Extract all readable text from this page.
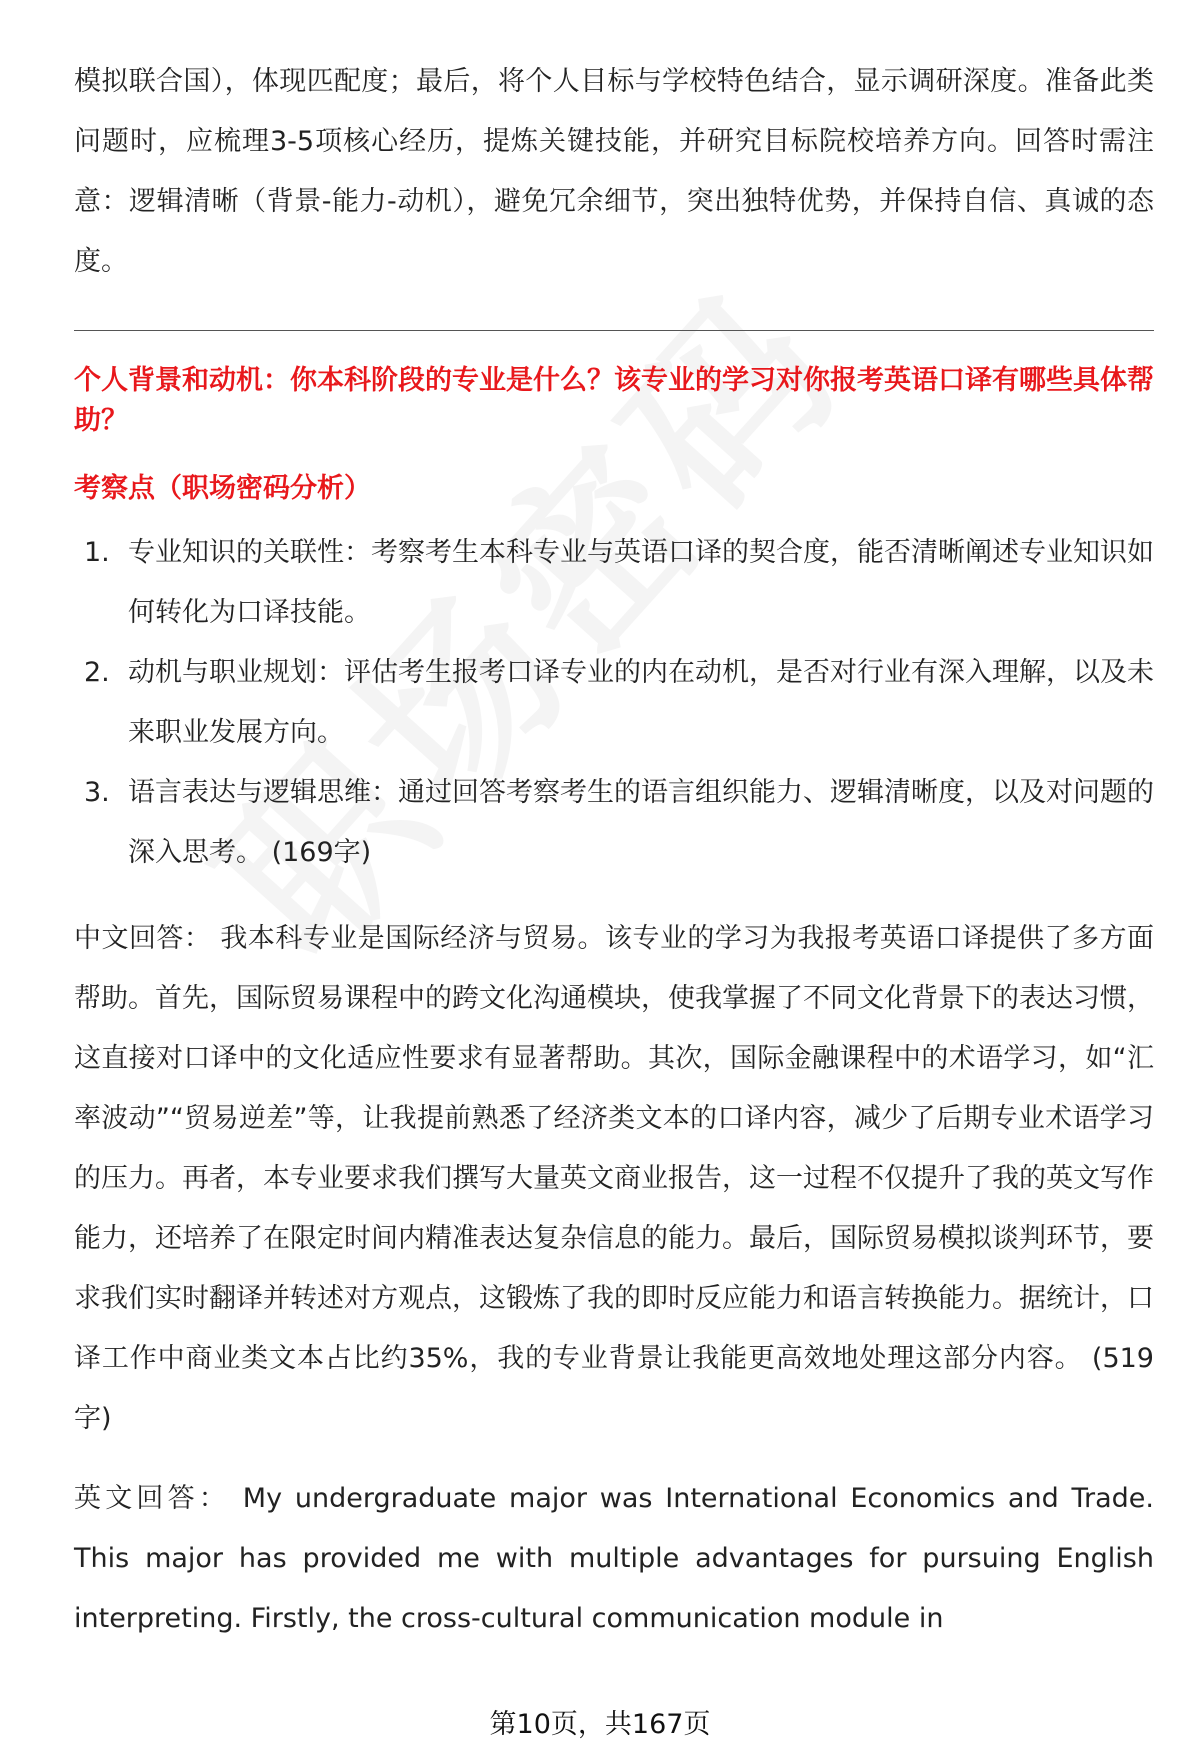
模拟联合国），体现匹配度；最后，将个人目标与学校特色结合，显示调研深度。准备此类问题时，应梳理3-5项核心经历，提炼关键技能，并研究目标院校培养方向。回答时需注意：逻辑清晰（背景-能力-动机），避免冗余细节，突出独特优势，并保持自信、真诚的态度。

个人背景和动机：你本科阶段的专业是什么？该专业的学习对你报考英语口译有哪些具体帮助？

考察点（职场密码分析）

1. 专业知识的关联性：考察考生本科专业与英语口译的契合度，能否清晰阐述专业知识如何转化为口译技能。
2. 动机与职业规划：评估考生报考口译专业的内在动机，是否对行业有深入理解，以及未来职业发展方向。
3. 语言表达与逻辑思维：通过回答考察考生的语言组织能力、逻辑清晰度，以及对问题的深入思考。 (169字)

中文回答： 我本科专业是国际经济与贸易。该专业的学习为我报考英语口译提供了多方面帮助。首先，国际贸易课程中的跨文化沟通模块，使我掌握了不同文化背景下的表达习惯，这直接对口译中的文化适应性要求有显著帮助。其次，国际金融课程中的术语学习，如“汇率波动”“贸易逆差”等，让我提前熟悉了经济类文本的口译内容，减少了后期专业术语学习的压力。再者，本专业要求我们撰写大量英文商业报告，这一过程不仅提升了我的英文写作能力，还培养了在限定时间内精准表达复杂信息的能力。最后，国际贸易模拟谈判环节，要求我们实时翻译并转述对方观点，这锻炼了我的即时反应能力和语言转换能力。据统计，口译工作中商业类文本占比约35%，我的专业背景让我能更高效地处理这部分内容。 (519字)

英文回答： My undergraduate major was International Economics and Trade. This major has provided me with multiple advantages for pursuing English interpreting. Firstly, the cross-cultural communication module in

第10页，共167页
